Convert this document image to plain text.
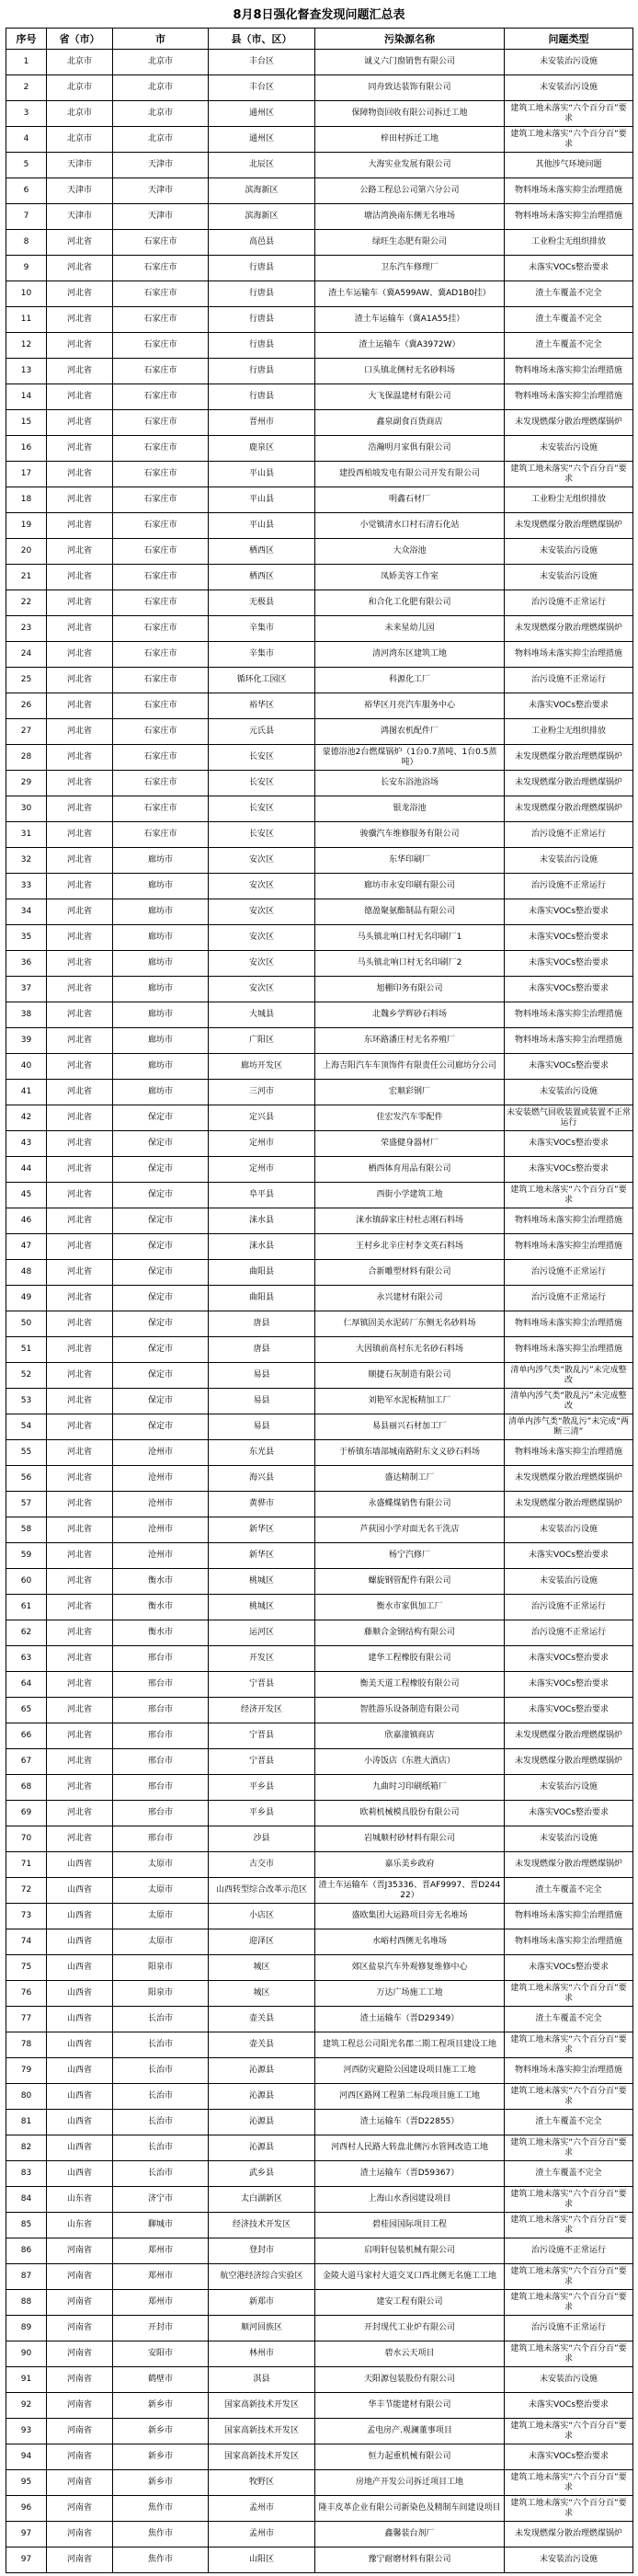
8月8日强化督查发现问题汇总表
序号	省（市）	市	县（市、区）	污染源名称	问题类型
1	北京市	北京市	丰台区	诚义六门窗销售有限公司	未安装治污设施
2	北京市	北京市	丰台区	同舟致达装饰有限公司	未安装治污设施
3	北京市	北京市	通州区	保障物资回收有限公司拆迁工地	建筑工地未落实“六个百分百”要求
4	北京市	北京市	通州区	梓田村拆迁工地	建筑工地未落实“六个百分百”要求
5	天津市	天津市	北辰区	大海实业发展有限公司	其他涉气环境问题
6	天津市	天津市	滨海新区	公路工程总公司第六分公司	物料堆场未落实抑尘治理措施
7	天津市	天津市	滨海新区	塘沽湾涣南东侧无名堆场	物料堆场未落实抑尘治理措施
8	河北省	石家庄市	高邑县	绿旺生态肥有限公司	工业粉尘无组织排放
9	河北省	石家庄市	行唐县	卫东汽车修理厂	未落实VOCs整治要求
10	河北省	石家庄市	行唐县	渣土车运输车（冀A599AW、冀AD1B0挂）	渣土车覆盖不完全
11	河北省	石家庄市	行唐县	渣土车运输车（冀A1A55挂）	渣土车覆盖不完全
12	河北省	石家庄市	行唐县	渣土运输车（冀A3972W）	渣土车覆盖不完全
13	河北省	石家庄市	行唐县	口头镇北侧村无名砂料场	物料堆场未落实抑尘治理措施
14	河北省	石家庄市	行唐县	大飞保温建材有限公司	物料堆场未落实抑尘治理措施
15	河北省	石家庄市	晋州市	鑫泉副食百货商店	未发现燃煤分散治理燃煤锅炉
16	河北省	石家庄市	鹿泉区	浩瀚明月家俱有限公司	未安装治污设施
17	河北省	石家庄市	平山县	建投西柏坡发电有限公司开发有限公司	建筑工地未落实“六个百分百”要求
18	河北省	石家庄市	平山县	明鑫石材厂	工业粉尘无组织排放
19	河北省	石家庄市	平山县	小觉镇清水口村石清石化站	未发现燃煤分散治理燃煤锅炉
20	河北省	石家庄市	栖西区	大众浴池	未安装治污设施
21	河北省	石家庄市	栖西区	凤娇美容工作室	未安装治污设施
22	河北省	石家庄市	无极县	和合化工化肥有限公司	治污设施不正常运行
23	河北省	石家庄市	辛集市	未来星幼儿园	未发现燃煤分散治理燃煤锅炉
24	河北省	石家庄市	辛集市	清河湾东区建筑工地	物料堆场未落实抑尘治理措施
25	河北省	石家庄市	循环化工园区	科源化工厂	治污设施不正常运行
26	河北省	石家庄市	裕华区	裕华区月亮汽车服务中心	未落实VOCs整治要求
27	河北省	石家庄市	元氏县	鸿图农机配件厂	工业粉尘无组织排放
28	河北省	石家庄市	长安区	蒙德浴池2台燃煤锅炉（1台0.7蒸吨、1台0.5蒸吨）	未发现燃煤分散治理燃煤锅炉
29	河北省	石家庄市	长安区	长安东浴池浴场	未发现燃煤分散治理燃煤锅炉
30	河北省	石家庄市	长安区	银龙浴池	未发现燃煤分散治理燃煤锅炉
31	河北省	石家庄市	长安区	骏骥汽车维修服务有限公司	治污设施不正常运行
32	河北省	廊坊市	安次区	东华印刷厂	未安装治污设施
33	河北省	廊坊市	安次区	廊坊市永安印刷有限公司	治污设施不正常运行
34	河北省	廊坊市	安次区	德盈聚氨酯制品有限公司	未落实VOCs整治要求
35	河北省	廊坊市	安次区	马头镇北响口村无名印刷厂1	未落实VOCs整治要求
36	河北省	廊坊市	安次区	马头镇北响口村无名印刷厂2	未落实VOCs整治要求
37	河北省	廊坊市	安次区	旭棚印务有限公司	未落实VOCs整治要求
38	河北省	廊坊市	大城县	北魏乡学辉砂石料场	物料堆场未落实抑尘治理措施
39	河北省	廊坊市	广阳区	东环路潘庄村无名养殖厂	物料堆场未落实抑尘治理措施
40	河北省	廊坊市	廊坊开发区	上海吉阳汽车车顶饰件有限责任公司廊坊分公司	未落实VOCs整治要求
41	河北省	廊坊市	三河市	宏顺彩钢厂	未安装治污设施
42	河北省	保定市	定兴县	佳宏发汽车零配件	未安装燃气回收装置或装置不正常运行
43	河北省	保定市	定州市	荣盛健身器材厂	未落实VOCs整治要求
44	河北省	保定市	定州市	栖西体育用品有限公司	未落实VOCs整治要求
45	河北省	保定市	阜平县	西街小学建筑工地	建筑工地未落实“六个百分百”要求
46	河北省	保定市	涞水县	涞水镇薛家庄村杜志刚石料场	物料堆场未落实抑尘治理措施
47	河北省	保定市	涞水县	王村乡北辛庄村李文英石料场	物料堆场未落实抑尘治理措施
48	河北省	保定市	曲阳县	合新雕塑材料有限公司	治污设施不正常运行
49	河北省	保定市	曲阳县	永兴建材有限公司	治污设施不正常运行
50	河北省	保定市	唐县	仁厚镇固美水泥砖厂东侧无名砂料场	物料堆场未落实抑尘治理措施
51	河北省	保定市	唐县	大因镇前高村东无名砂石料场	物料堆场未落实抑尘治理措施
52	河北省	保定市	易县	顺捷石灰制造有限公司	清单内涉气类“散乱污”未完成整改
53	河北省	保定市	易县	刘艳军水泥板精加工厂	清单内涉气类“散乱污”未完成整改
54	河北省	保定市	易县	易县丽兴石材加工厂	清单内涉气类“散乱污”未完成“两断三清”
55	河北省	沧州市	东光县	于桥镇东墙部城南路附东文义砂石料场	物料堆场未落实抑尘治理措施
56	河北省	沧州市	海兴县	盛达精制工厂	未发现燃煤分散治理燃煤锅炉
57	河北省	沧州市	黄骅市	永盛蝶煤销售有限公司	未发现燃煤分散治理燃煤锅炉
58	河北省	沧州市	新华区	芦荻园小学对面无名干洗店	未安装治污设施
59	河北省	沧州市	新华区	杨宁汽修厂	未落实VOCs整治要求
60	河北省	衡水市	桃城区	螺旋钢管配件有限公司	未安装治污设施
61	河北省	衡水市	桃城区	衡水市家俱加工厂	治污设施不正常运行
62	河北省	衡水市	运河区	藤顺合金钢结构有限公司	治污设施不正常运行
63	河北省	邢台市	开发区	建华工程橡胶有限公司	未落实VOCs整治要求
64	河北省	邢台市	宁晋县	衡美天道工程橡胶有限公司	未落实VOCs整治要求
65	河北省	邢台市	经济开发区	智胜游乐设备制造有限公司	未落实VOCs整治要求
66	河北省	邢台市	宁晋县	欣嘉潼镇商店	未发现燃煤分散治理燃煤锅炉
67	河北省	邢台市	宁晋县	小涛饭店（东胜大酒店）	未发现燃煤分散治理燃煤锅炉
68	河北省	邢台市	平乡县	九曲时习印刷纸箱厂	未安装治污设施
69	河北省	邢台市	平乡县	欧莉机械模具股份有限公司	未落实VOCs整治要求
70	河北省	邢台市	沙县	岩城顺村砂材料有限公司	未安装治污设施
71	山西省	太原市	古交市	嘉乐美乡政府	未发现燃煤分散治理燃煤锅炉
72	山西省	太原市	山西转型综合改革示范区	渣土车运输车（晋J35336、晋AF9997、晋D24422）	渣土车覆盖不完全
73	山西省	太原市	小店区	盛欧集团大运路项目旁无名堆场	物料堆场未落实抑尘治理措施
74	山西省	太原市	迎泽区	水峪村西侧无名堆场	物料堆场未落实抑尘治理措施
75	山西省	阳泉市	城区	郊区盐泉汽车外观修复维修中心	未落实VOCs整治要求
76	山西省	阳泉市	城区	万达广场施工工地	建筑工地未落实“六个百分百”要求
77	山西省	长治市	壶关县	渣土运输车（晋D29349）	渣土车覆盖不完全
78	山西省	长治市	壶关县	建筑工程总公司阳光名郡二期工程项目建设工地	建筑工地未落实“六个百分百”要求
79	山西省	长治市	沁源县	河西防灾避险公园建设项目施工工地	物料堆场未落实抑尘治理措施
80	山西省	长治市	沁源县	河西区路网工程第二标段项目施工工地	建筑工地未落实“六个百分百”要求
81	山西省	长治市	沁源县	渣土运输车（晋D22855）	渣土车覆盖不完全
82	山西省	长治市	沁源县	河西村人民路大转盘北侧污水管网改造工地	建筑工地未落实“六个百分百”要求
83	山西省	长治市	武乡县	渣土运输车（晋D59367）	渣土车覆盖不完全
84	山东省	济宁市	太白湖新区	上海山水香园建设项目	建筑工地未落实“六个百分百”要求
85	山东省	聊城市	经济技术开发区	碧桂园国际项目工程	建筑工地未落实“六个百分百”要求
86	河南省	郑州市	登封市	启明轩包装机械有限公司	治污设施不正常运行
87	河南省	郑州市	航空港经济综合实验区	金陵大道马家村大道交叉口西北侧无名施工工地	建筑工地未落实“六个百分百”要求
88	河南省	郑州市	新郑市	建安工程有限公司	建筑工地未落实“六个百分百”要求
89	河南省	开封市	顺河回族区	开封现代工业炉有限公司	治污设施不正常运行
90	河南省	安阳市	林州市	碧水云天项目	建筑工地未落实“六个百分百”要求
91	河南省	鹤壁市	淇县	天阳源包装股份有限公司	未安装治污设施
92	河南省	新乡市	国家高新技术开发区	华丰节能建材有限公司	未落实VOCs整治要求
93	河南省	新乡市	国家高新技术开发区	孟电房产.观澜董事项目	建筑工地未落实“六个百分百”要求
94	河南省	新乡市	国家高新技术开发区	恒力起重机械有限公司	未落实VOCs整治要求
95	河南省	新乡市	牧野区	房地产开发公司拆迁项目工地	建筑工地未落实“六个百分百”要求
96	河南省	焦作市	孟州市	隆丰皮革企业有限公司新染色及精制车间建设项目	建筑工地未落实“六个百分百”要求
97	河南省	焦作市	孟州市	鑫馨装台剂厂	未发现燃煤分散治理燃煤锅炉
97	河南省	焦作市	山阳区	豫宁耐磨材料有限公司	未安装治污设施
